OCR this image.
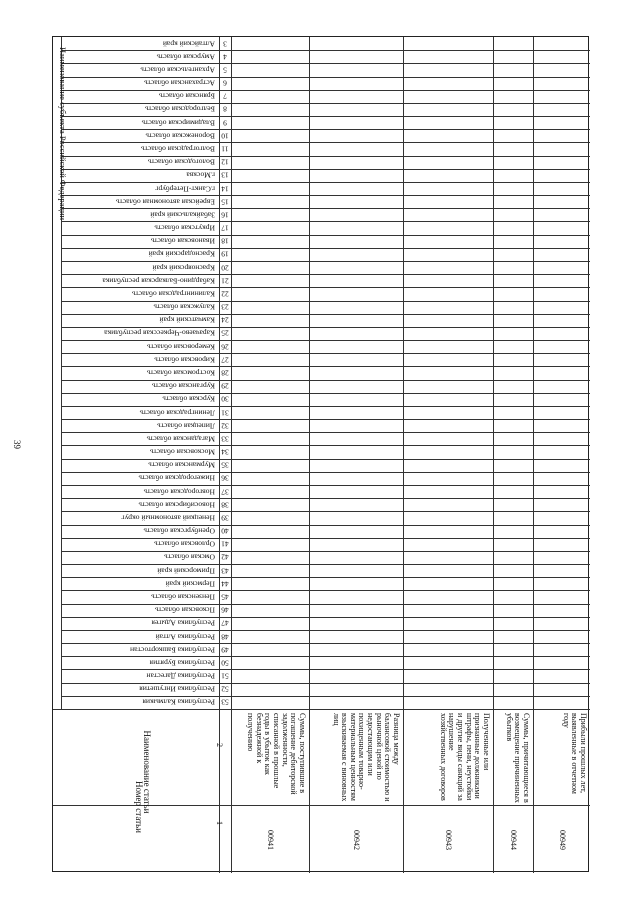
39
Номер статьи
Наименование статьи
1
2
Наименование субъекта Российской Федерации
Алтайский край 3
Амурская область 4
Архангельская область 5
Астраханская область 6
Брянская область 7
Белгородская область 8
Владимирская область 9
Воронежская область 10
Волгоградская область 11
Вологодская область 12
г.Москва 13
г.Санкт-Петербург 14
Еврейская автономная область 15
Забайкальский край 16
Иркутская область 17
Ивановская область 18
Краснодарский край 19
Красноярский край 20
Кабардино-Балкарская республика 21
Калининградская область 22
Калужская область 23
Камчатский край 24
Карачаево-Черкесская республика 25
Кемеровская область 26
Кировская область 27
Костромская область 28
Курганская область 29
Курская область 30
Ленинградская область 31
Липецкая область 32
Магаданская область 33
Московская область 34
Мурманская область 35
Нижегородская область 36
Новгородская область 37
Новосибирская область 38
Ненецкий автономный округ 39
Оренбургская область 40
Орловская область 41
Омская область 42
Приморский край 43
Пермский край 44
Пензенская область 45
Псковская область 46
Республика Адыгея 47
Республика Алтай 48
Республика Башкортостан 49
Республика Бурятия 50
Республика Дагестан 51
Республика Ингушетия 52
Республика Калмыкия 53
00941
Суммы, поступившие в погашение дебиторской задолженности, списанной в прошлые годы в убыток как безнадежной к получению
00942
Разница между балансовой стоимостью и рыночной ценой по недостающим или похищенным товарно-материальным ценностям взыскиваемая с виновных лиц
00943
Полученные или признанные должниками штрафы, пени, неустойки и другие виды санкций за нарушение хозяйственных договоров
00944
Суммы, причитающиеся в возмещение причиненных убытков
00949
Прибыли прошлых лет, выявленные в отчетном году
